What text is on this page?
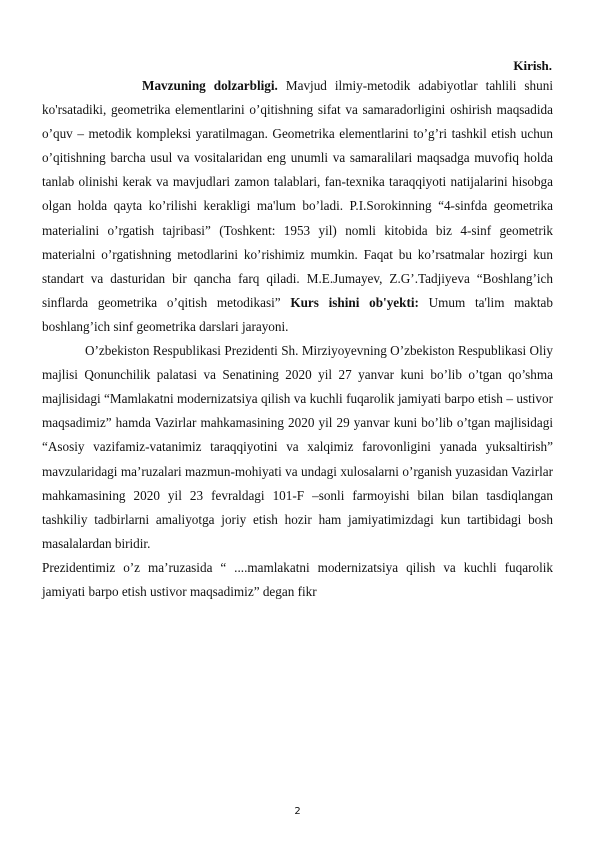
Kirish.

Mavzuning dolzarbligi. Mavjud ilmiy-metodik adabiyotlar tahlili shuni ko'rsatadiki, geometrika elementlarini o’qitishning sifat va samaradorligini oshirish maqsadida o’quv – metodik kompleksi yaratilmagan. Geometrika elementlarini to’g’ri tashkil etish uchun o’qitishning barcha usul va vositalaridan eng unumli va samaralilari maqsadga muvofiq holda tanlab olinishi kerak va mavjudlari zamon talablari, fan-texnika taraqqiyoti natijalarini hisobga olgan holda qayta ko’rilishi kerakligi ma'lum bo’ladi. P.I.Sorokinning “4-sinfda geometrika materialini o’rgatish tajribasi” (Toshkent: 1953 yil) nomli kitobida biz 4-sinf geometrik materialni o’rgatishning metodlarini ko’rishimiz mumkin. Faqat bu ko’rsatmalar hozirgi kun standart va dasturidan bir qancha farq qiladi. M.E.Jumayev, Z.G’.Tadjiyeva “Boshlang’ich sinflarda geometrika o’qitish metodikasi” Kurs ishini ob'yekti: Umum ta'lim maktab boshlang’ich sinf geometrika darslari jarayoni.

O’zbekiston Respublikasi Prezidenti Sh. Mirziyoyevning O’zbekiston Respublikasi Oliy majlisi Qonunchilik palatasi va Senatining 2020 yil 27 yanvar kuni bo’lib o’tgan qo’shma majlisidagi “Mamlakatni modernizatsiya qilish va kuchli fuqarolik jamiyati barpo etish – ustivor maqsadimiz” hamda Vazirlar mahkamasining 2020 yil 29 yanvar kuni bo’lib o’tgan majlisidagi “Asosiy vazifamiz-vatanimiz taraqqiyotini va xalqimiz farovonligini yanada yuksaltirish” mavzularidagi ma’ruzalari mazmun-mohiyati va undagi xulosalarni o’rganish yuzasidan Vazirlar mahkamasining 2020 yil 23 fevraldagi 101-F –sonli farmoyishi bilan bilan tasdiqlangan tashkiliy tadbirlarni amaliyotga joriy etish hozir ham jamiyatimizdagi kun tartibidagi bosh masalalardan biridir.

Prezidentimiz o’z ma’ruzasida “ ....mamlakatni modernizatsiya qilish va kuchli fuqarolik jamiyati barpo etish ustivor maqsadimiz” degan fikr

2
